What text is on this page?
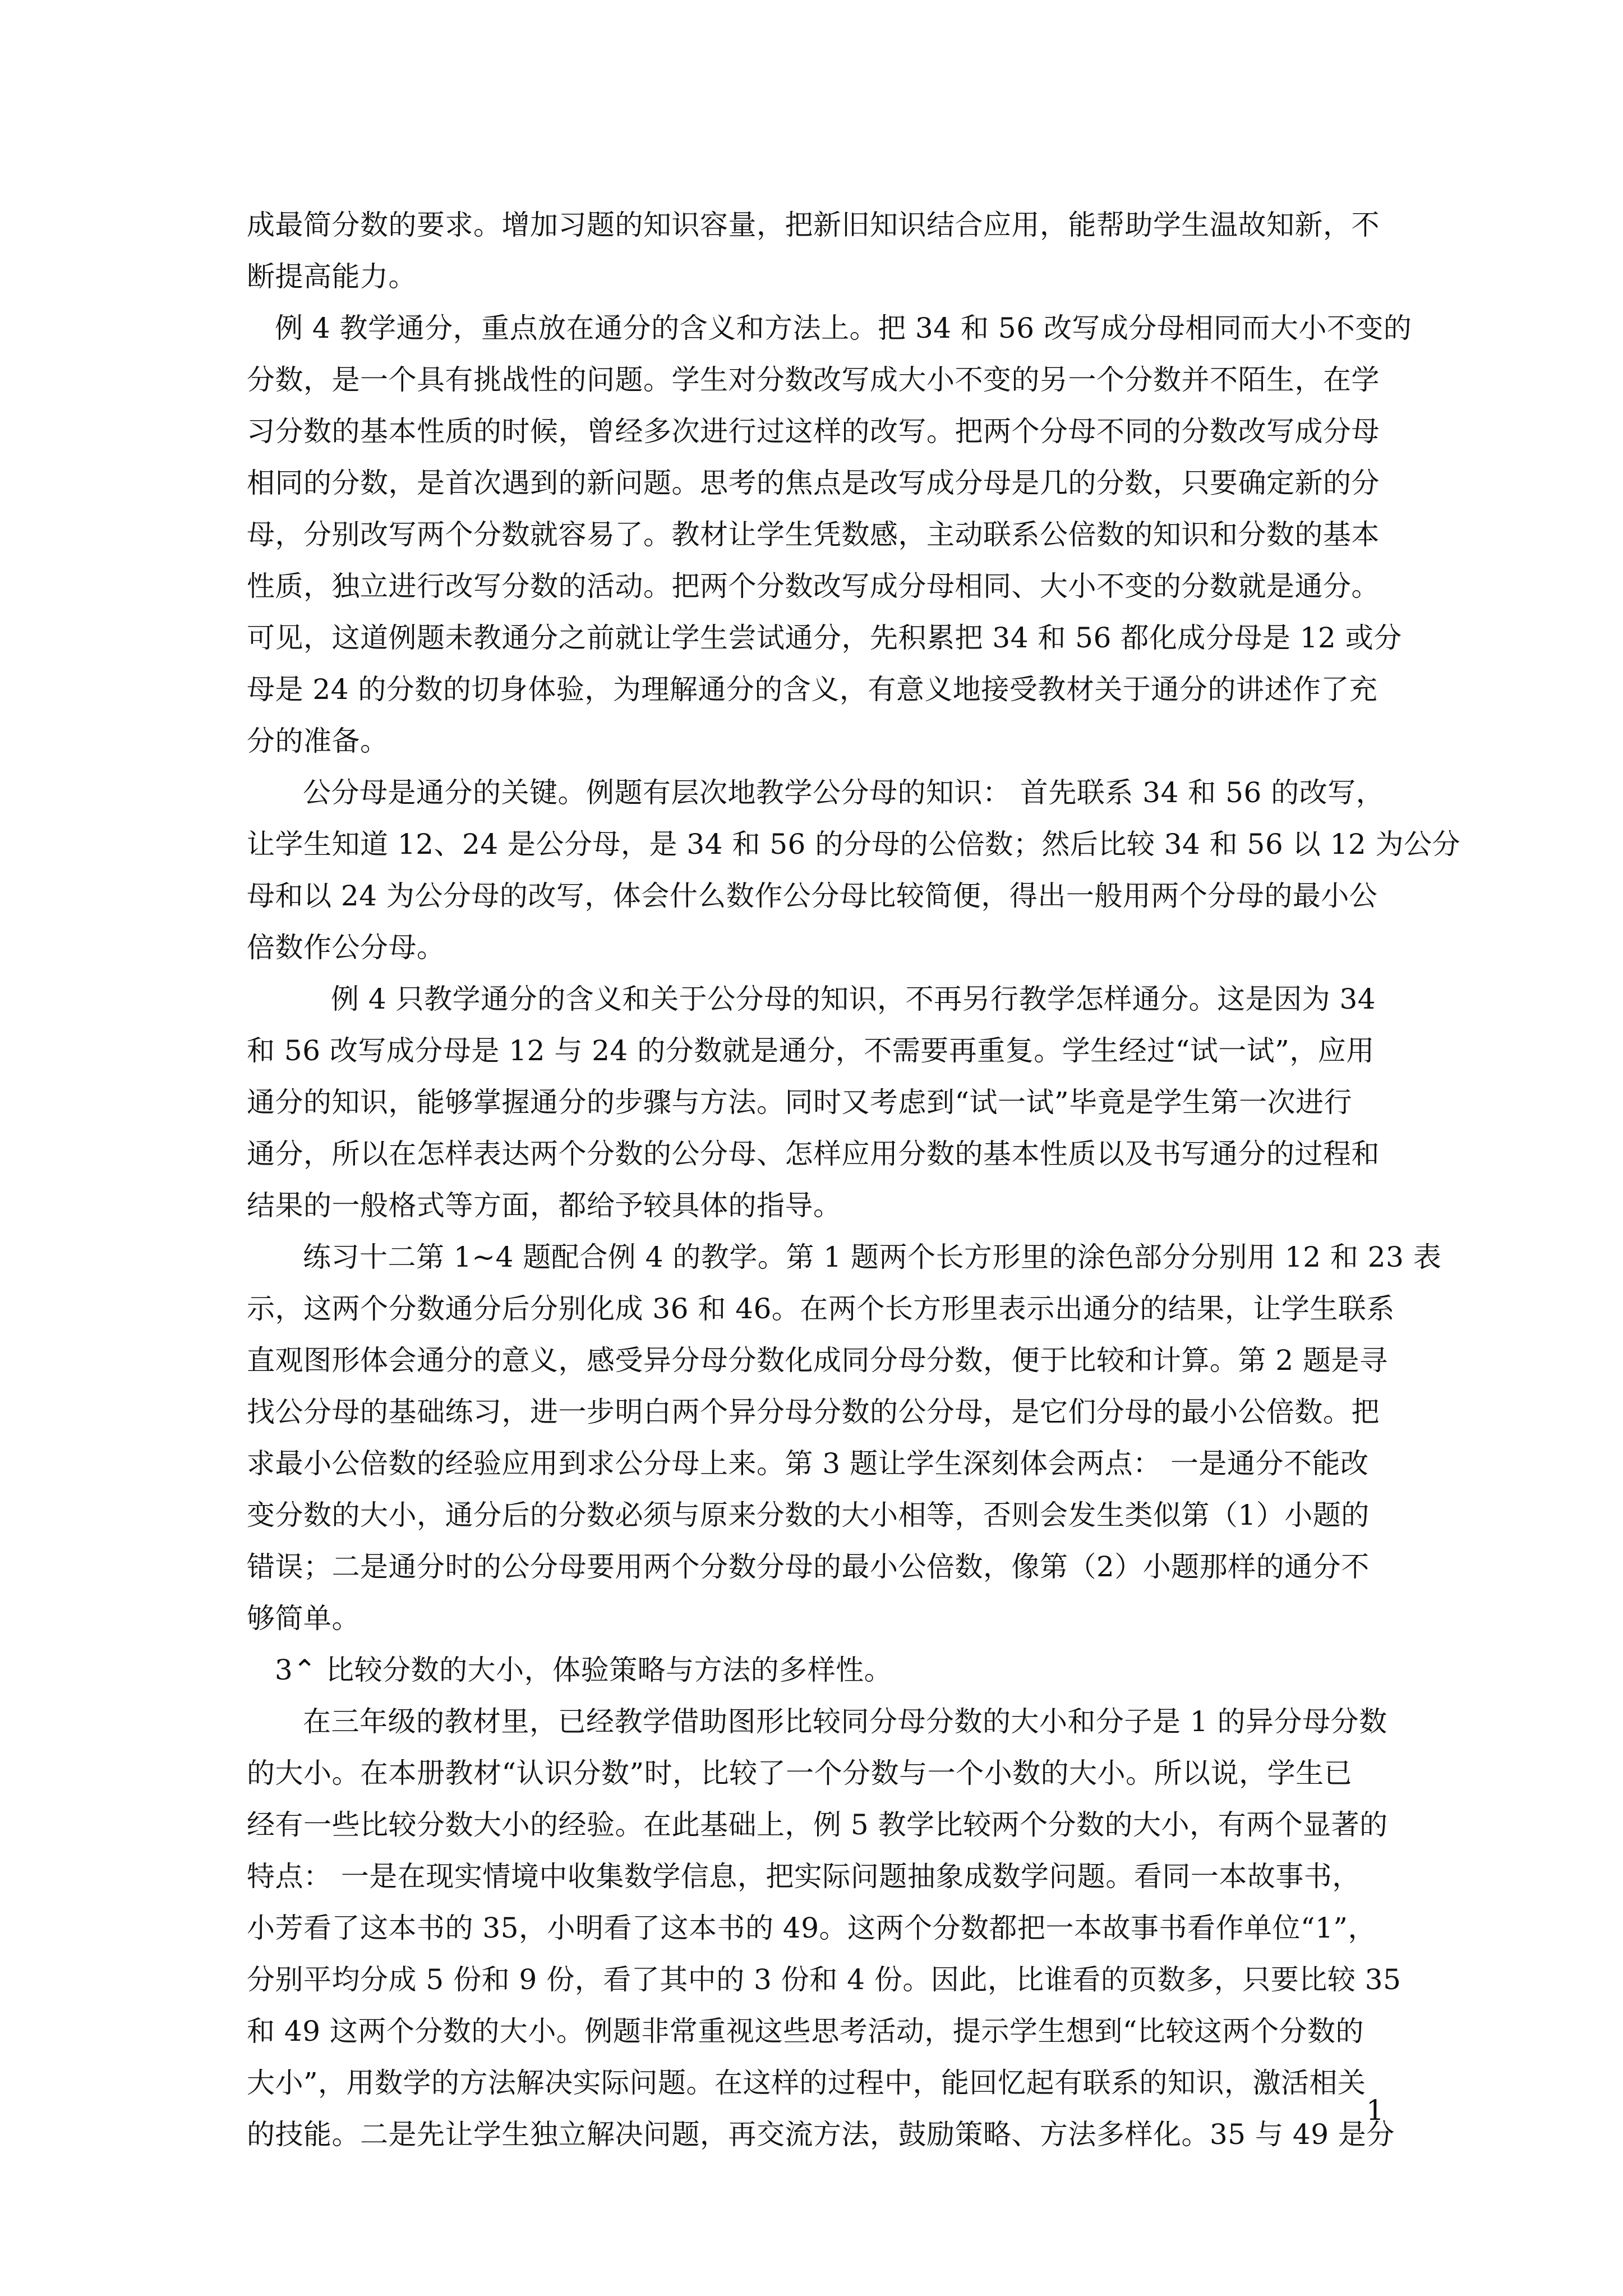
成最简分数的要求。增加习题的知识容量，把新旧知识结合应用，能帮助学生温故知新，不
断提高能力。

例 4 教学通分，重点放在通分的含义和方法上。把 34 和 56 改写成分母相同而大小不变的
分数，是一个具有挑战性的问题。学生对分数改写成大小不变的另一个分数并不陌生，在学
习分数的基本性质的时候，曾经多次进行过这样的改写。把两个分母不同的分数改写成分母
相同的分数，是首次遇到的新问题。思考的焦点是改写成分母是几的分数，只要确定新的分
母，分别改写两个分数就容易了。教材让学生凭数感，主动联系公倍数的知识和分数的基本
性质，独立进行改写分数的活动。把两个分数改写成分母相同、大小不变的分数就是通分。
可见，这道例题未教通分之前就让学生尝试通分，先积累把 34 和 56 都化成分母是 12 或分
母是 24 的分数的切身体验，为理解通分的含义，有意义地接受教材关于通分的讲述作了充
分的准备。

公分母是通分的关键。例题有层次地教学公分母的知识： 首先联系 34 和 56 的改写，
让学生知道 12、24 是公分母，是 34 和 56 的分母的公倍数；然后比较 34 和 56 以 12 为公分
母和以 24 为公分母的改写，体会什么数作公分母比较简便，得出一般用两个分母的最小公
倍数作公分母。

例 4 只教学通分的含义和关于公分母的知识，不再另行教学怎样通分。这是因为 34
和 56 改写成分母是 12 与 24 的分数就是通分，不需要再重复。学生经过“试一试”，应用
通分的知识，能够掌握通分的步骤与方法。同时又考虑到“试一试”毕竟是学生第一次进行
通分，所以在怎样表达两个分数的公分母、怎样应用分数的基本性质以及书写通分的过程和
结果的一般格式等方面，都给予较具体的指导。

练习十二第 1~4 题配合例 4 的教学。第 1 题两个长方形里的涂色部分分别用 12 和 23 表
示，这两个分数通分后分别化成 36 和 46。在两个长方形里表示出通分的结果，让学生联系
直观图形体会通分的意义，感受异分母分数化成同分母分数，便于比较和计算。第 2 题是寻
找公分母的基础练习，进一步明白两个异分母分数的公分母，是它们分母的最小公倍数。把
求最小公倍数的经验应用到求公分母上来。第 3 题让学生深刻体会两点： 一是通分不能改
变分数的大小，通分后的分数必须与原来分数的大小相等，否则会发生类似第（1）小题的
错误；二是通分时的公分母要用两个分数分母的最小公倍数，像第（2）小题那样的通分不
够简单。

3⌃ 比较分数的大小，体验策略与方法的多样性。

在三年级的教材里，已经教学借助图形比较同分母分数的大小和分子是 1 的异分母分数
的大小。在本册教材“认识分数”时，比较了一个分数与一个小数的大小。所以说，学生已
经有一些比较分数大小的经验。在此基础上，例 5 教学比较两个分数的大小，有两个显著的
特点： 一是在现实情境中收集数学信息，把实际问题抽象成数学问题。看同一本故事书，
小芳看了这本书的 35，小明看了这本书的 49。这两个分数都把一本故事书看作单位“1”，
分别平均分成 5 份和 9 份，看了其中的 3 份和 4 份。因此，比谁看的页数多，只要比较 35
和 49 这两个分数的大小。例题非常重视这些思考活动，提示学生想到“比较这两个分数的
大小”，用数学的方法解决实际问题。在这样的过程中，能回忆起有联系的知识，激活相关
的技能。二是先让学生独立解决问题，再交流方法，鼓励策略、方法多样化。35 与 49 是分

1
